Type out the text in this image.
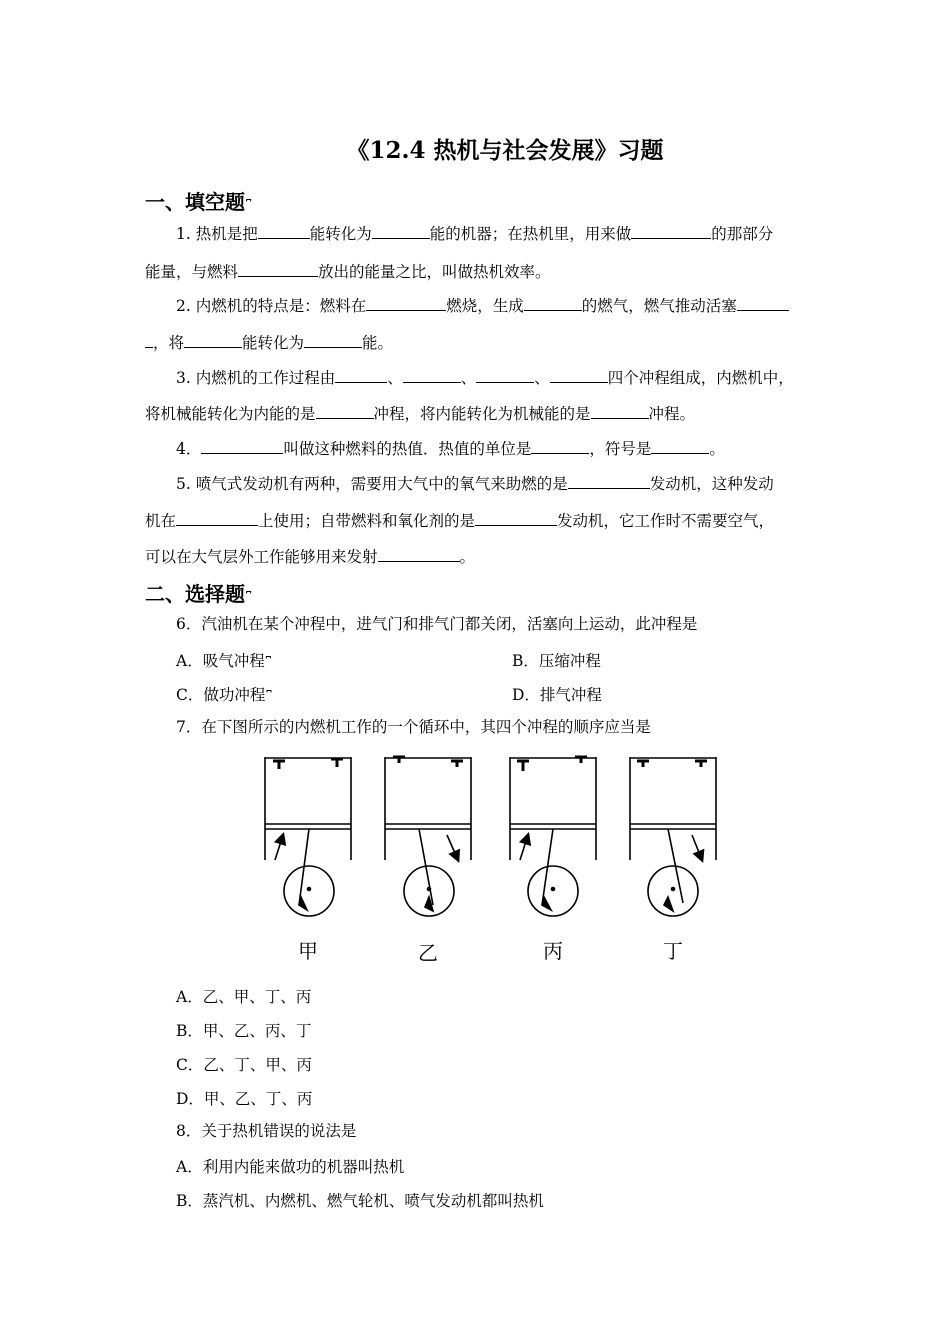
《12.4 热机与社会发展》习题
一、填空题⎴
1. 热机是把	能转化为	能的机器；在热机里，用来做	的那部分
能量，与燃料	放出的能量之比，叫做热机效率。
2. 内燃机的特点是：燃料在	燃烧，生成	的燃气，燃气推动活塞
，将	能转化为	能。
3. 内燃机的工作过程由	、	、	、	四个冲程组成，内燃机中，
将机械能转化为内能的是	冲程，将内能转化为机械能的是	冲程。
4．	叫做这种燃料的热值．热值的单位是	，符号是	。
5. 喷气式发动机有两种，需要用大气中的氧气来助燃的是	发动机，这种发动
机在	上使用；自带燃料和氧化剂的是	发动机，它工作时不需要空气，
可以在大气层外工作能够用来发射	。
二、选择题⎴
6．汽油机在某个冲程中，进气门和排气门都关闭，活塞向上运动，此冲程是
A．吸气冲程⎴	B．压缩冲程
C．做功冲程⎴	D．排气冲程
7．在下图所示的内燃机工作的一个循环中，其四个冲程的顺序应当是
甲	乙	丙	丁
A．乙、甲、丁、丙
B．甲、乙、丙、丁
C．乙、丁、甲、丙
D．甲、乙、丁、丙
8．关于热机错误的说法是
A．利用内能来做功的机器叫热机
B．蒸汽机、内燃机、燃气轮机、喷气发动机都叫热机
